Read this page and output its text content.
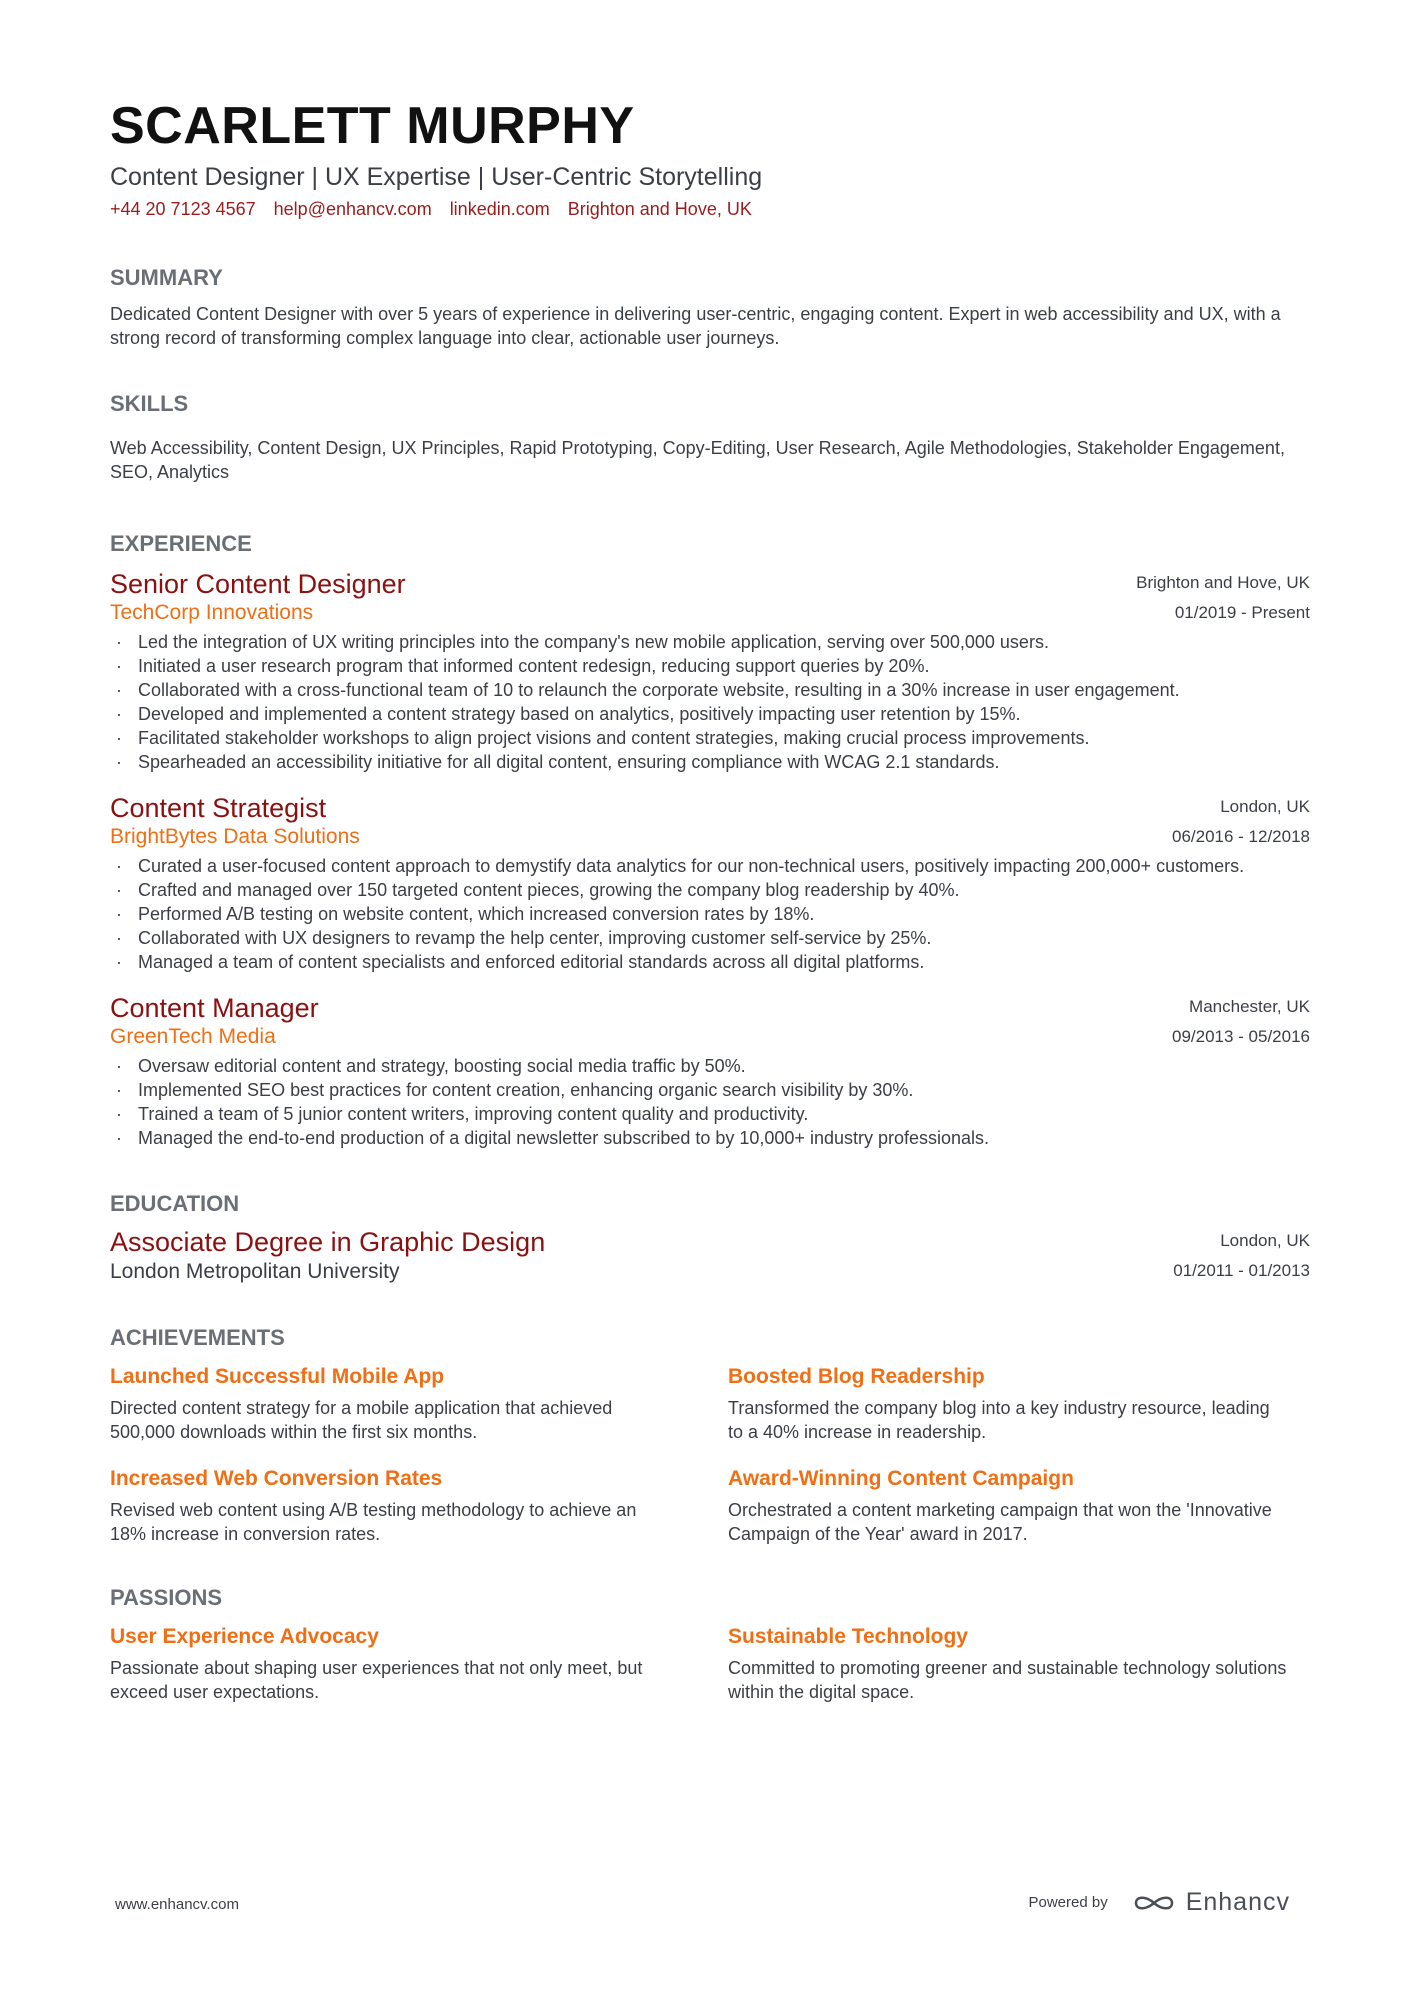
SCARLETT MURPHY
Content Designer | UX Expertise | User-Centric Storytelling
+44 20 7123 4567 help@enhancv.com linkedin.com Brighton and Hove, UK
SUMMARY

Dedicated Content Designer with over 5 years of experience in delivering user-centric, engaging content. Expert in web accessibility and UX, with a strong record of transforming complex language into clear, actionable user journeys.

SKILLS

Web Accessibility, Content Design, UX Principles, Rapid Prototyping, Copy-Editing, User Research, Agile Methodologies, Stakeholder Engagement, SEO, Analytics

EXPERIENCE
Senior Content Designer
TechCorp Innovations
Brighton and Hove, UK
01/2019 - Present
· Led the integration of UX writing principles into the company's new mobile application, serving over 500,000 users.
· Initiated a user research program that informed content redesign, reducing support queries by 20%.
· Collaborated with a cross-functional team of 10 to relaunch the corporate website, resulting in a 30% increase in user engagement.
· Developed and implemented a content strategy based on analytics, positively impacting user retention by 15%.
· Facilitated stakeholder workshops to align project visions and content strategies, making crucial process improvements.
· Spearheaded an accessibility initiative for all digital content, ensuring compliance with WCAG 2.1 standards.
Content Strategist
BrightBytes Data Solutions
London, UK
06/2016 - 12/2018
· Curated a user-focused content approach to demystify data analytics for our non-technical users, positively impacting 200,000+ customers.
· Crafted and managed over 150 targeted content pieces, growing the company blog readership by 40%.
· Performed A/B testing on website content, which increased conversion rates by 18%.
· Collaborated with UX designers to revamp the help center, improving customer self-service by 25%.
· Managed a team of content specialists and enforced editorial standards across all digital platforms.
Content Manager
GreenTech Media
Manchester, UK
09/2013 - 05/2016
· Oversaw editorial content and strategy, boosting social media traffic by 50%.
· Implemented SEO best practices for content creation, enhancing organic search visibility by 30%.
· Trained a team of 5 junior content writers, improving content quality and productivity.
· Managed the end-to-end production of a digital newsletter subscribed to by 10,000+ industry professionals.
EDUCATION
Associate Degree in Graphic Design
London Metropolitan University
London, UK
01/2011 - 01/2013
ACHIEVEMENTS
Launched Successful Mobile App
Directed content strategy for a mobile application that achieved 500,000 downloads within the first six months.
Boosted Blog Readership
Transformed the company blog into a key industry resource, leading to a 40% increase in readership.
Increased Web Conversion Rates
Revised web content using A/B testing methodology to achieve an 18% increase in conversion rates.
Award-Winning Content Campaign
Orchestrated a content marketing campaign that won the 'Innovative Campaign of the Year' award in 2017.
PASSIONS
User Experience Advocacy
Passionate about shaping user experiences that not only meet, but exceed user expectations.
Sustainable Technology
Committed to promoting greener and sustainable technology solutions within the digital space.
www.enhancv.com	Powered by	Enhancv
